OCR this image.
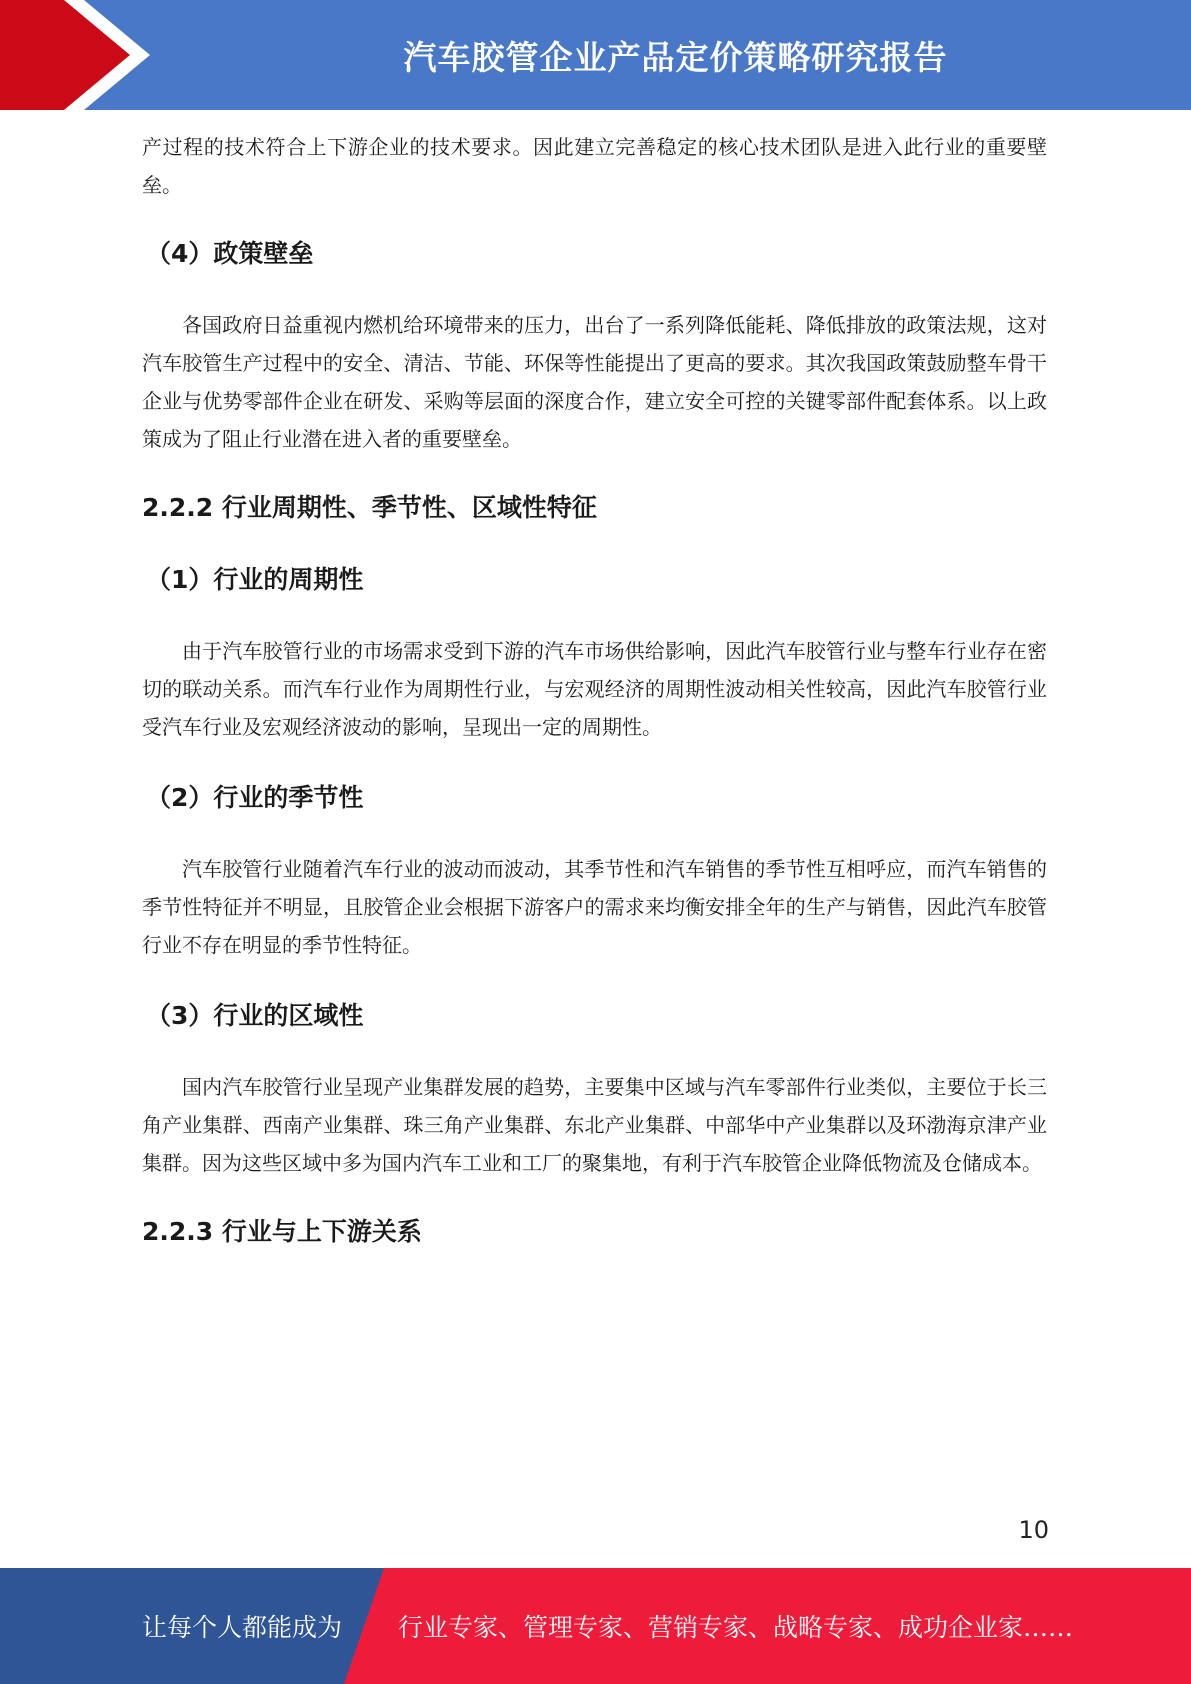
汽车胶管企业产品定价策略研究报告

产过程的技术符合上下游企业的技术要求。因此建立完善稳定的核心技术团队是进入此行业的重要壁垒。

（4）政策壁垒

各国政府日益重视内燃机给环境带来的压力，出台了一系列降低能耗、降低排放的政策法规，这对汽车胶管生产过程中的安全、清洁、节能、环保等性能提出了更高的要求。其次我国政策鼓励整车骨干企业与优势零部件企业在研发、采购等层面的深度合作，建立安全可控的关键零部件配套体系。以上政策成为了阻止行业潜在进入者的重要壁垒。

2.2.2 行业周期性、季节性、区域性特征
（1）行业的周期性

由于汽车胶管行业的市场需求受到下游的汽车市场供给影响，因此汽车胶管行业与整车行业存在密切的联动关系。而汽车行业作为周期性行业，与宏观经济的周期性波动相关性较高，因此汽车胶管行业受汽车行业及宏观经济波动的影响，呈现出一定的周期性。

（2）行业的季节性

汽车胶管行业随着汽车行业的波动而波动，其季节性和汽车销售的季节性互相呼应，而汽车销售的季节性特征并不明显，且胶管企业会根据下游客户的需求来均衡安排全年的生产与销售，因此汽车胶管行业不存在明显的季节性特征。

（3）行业的区域性

国内汽车胶管行业呈现产业集群发展的趋势，主要集中区域与汽车零部件行业类似，主要位于长三角产业集群、西南产业集群、珠三角产业集群、东北产业集群、中部华中产业集群以及环渤海京津产业集群。因为这些区域中多为国内汽车工业和工厂的聚集地，有利于汽车胶管企业降低物流及仓储成本。

2.2.3 行业与上下游关系
10
让每个人都能成为 行业专家、管理专家、营销专家、战略专家、成功企业家……
